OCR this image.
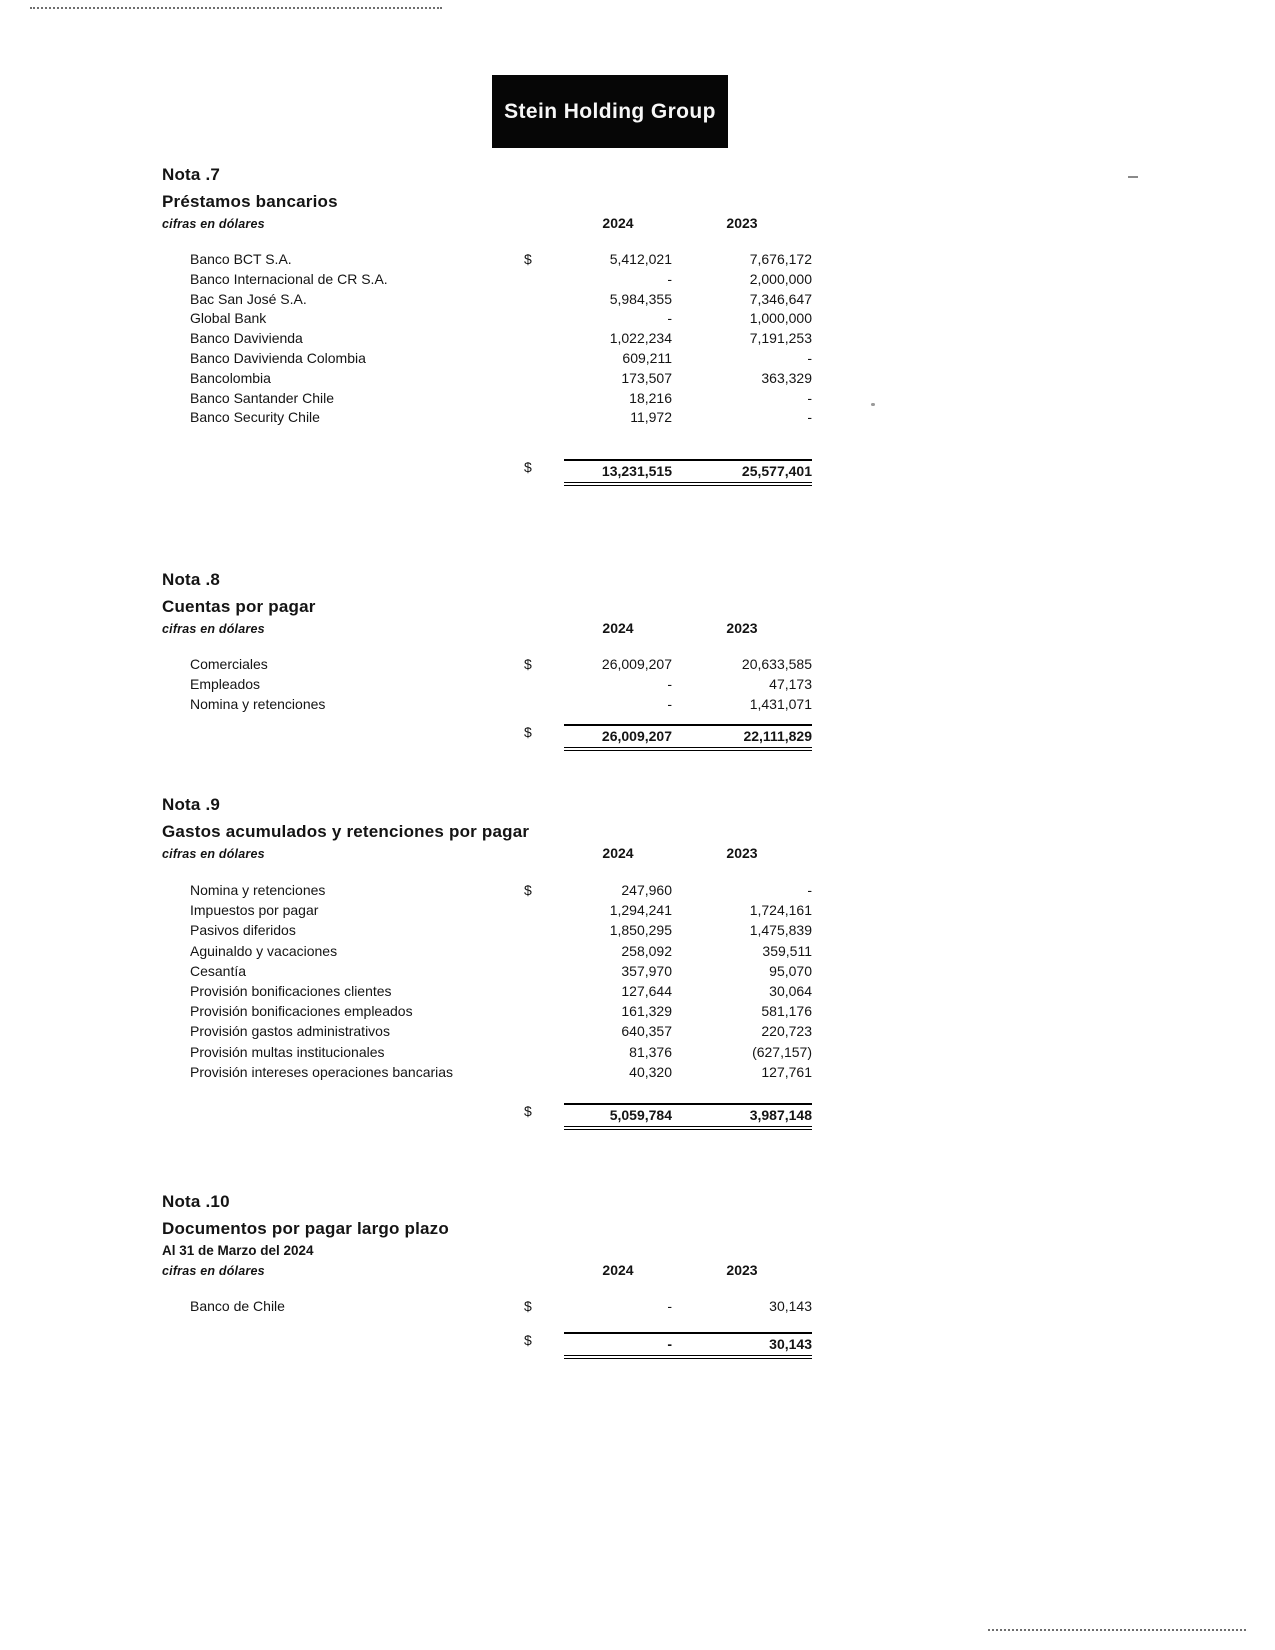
Stein Holding Group
Nota .7
Préstamos bancarios
cifras en dólares	2024	2023
Banco BCT S.A.	$	5,412,021	7,676,172
Banco Internacional de CR S.A.	-	2,000,000
Bac San José S.A.	5,984,355	7,346,647
Global Bank	-	1,000,000
Banco Davivienda	1,022,234	7,191,253
Banco Davivienda Colombia	609,211	-
Bancolombia	173,507	363,329
Banco Santander Chile	18,216	-
Banco Security Chile	11,972	-
$	13,231,515	25,577,401
Nota .8
Cuentas por pagar
cifras en dólares	2024	2023
Comerciales	$	26,009,207	20,633,585
Empleados	-	47,173
Nomina y retenciones	-	1,431,071
$	26,009,207	22,111,829
Nota .9
Gastos acumulados y retenciones por pagar
cifras en dólares	2024	2023
Nomina y retenciones	$	247,960	-
Impuestos por pagar	1,294,241	1,724,161
Pasivos diferidos	1,850,295	1,475,839
Aguinaldo y vacaciones	258,092	359,511
Cesantía	357,970	95,070
Provisión bonificaciones clientes	127,644	30,064
Provisión bonificaciones empleados	161,329	581,176
Provisión gastos administrativos	640,357	220,723
Provisión multas institucionales	81,376	(627,157)
Provisión intereses operaciones bancarias	40,320	127,761
$	5,059,784	3,987,148
Nota .10
Documentos por pagar largo plazo
Al 31 de Marzo del 2024
cifras en dólares	2024	2023
Banco de Chile	$	-	30,143
$	-	30,143
